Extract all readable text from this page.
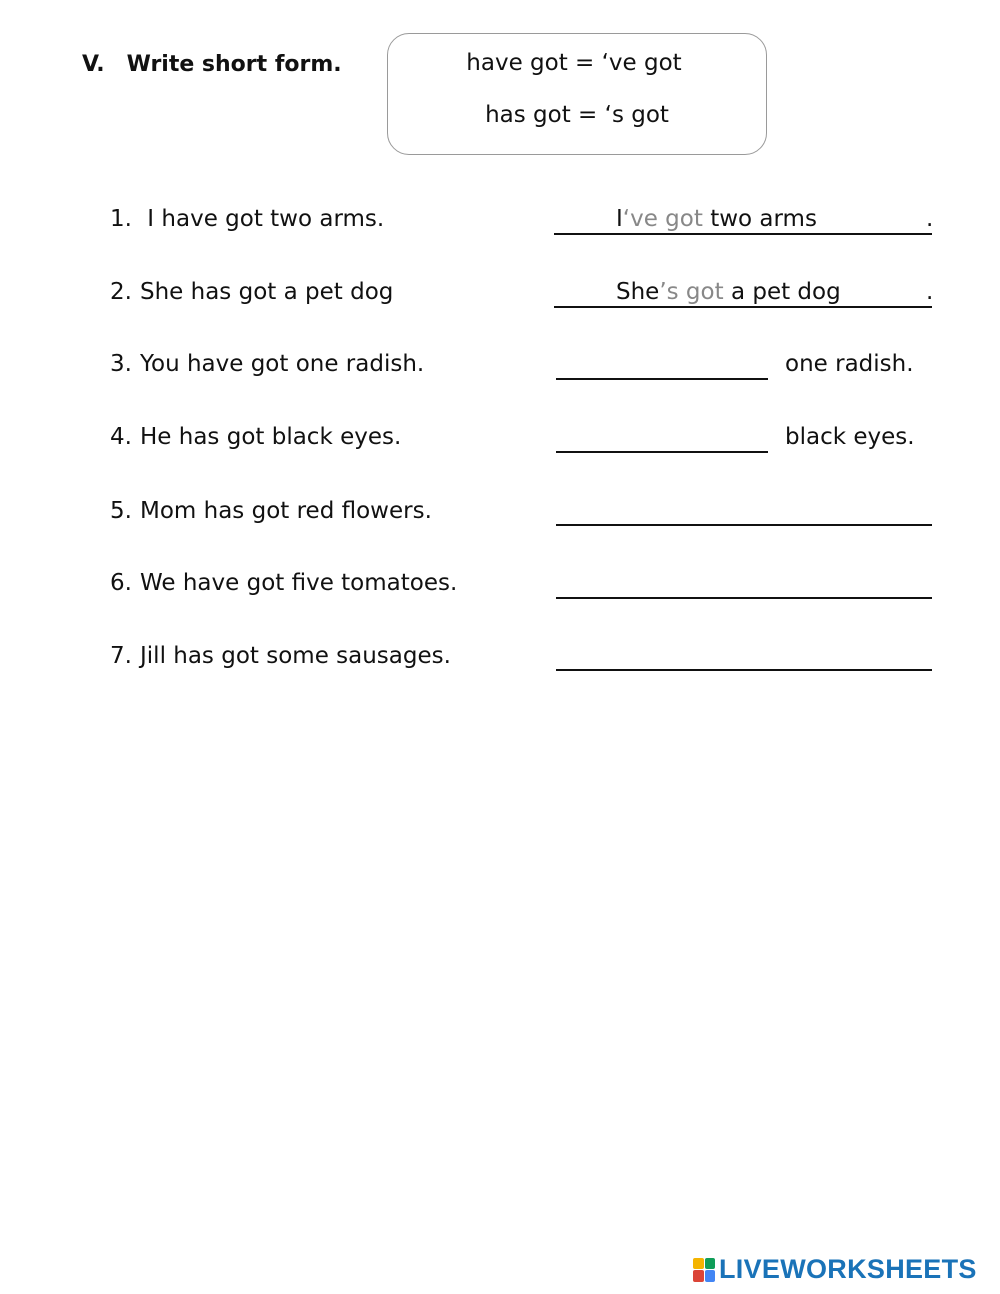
V. Write short form.	have got = ‘ve got
has got = ‘s got
1. I have got two arms.	I‘ve got two arms	.
2. She has got a pet dog	She’s got a pet dog	.
3. You have got one radish.	one radish.
4. He has got black eyes.	black eyes.
5. Mom has got red flowers.
6. We have got five tomatoes.
7. Jill has got some sausages.
LIVEWORKSHEETS
